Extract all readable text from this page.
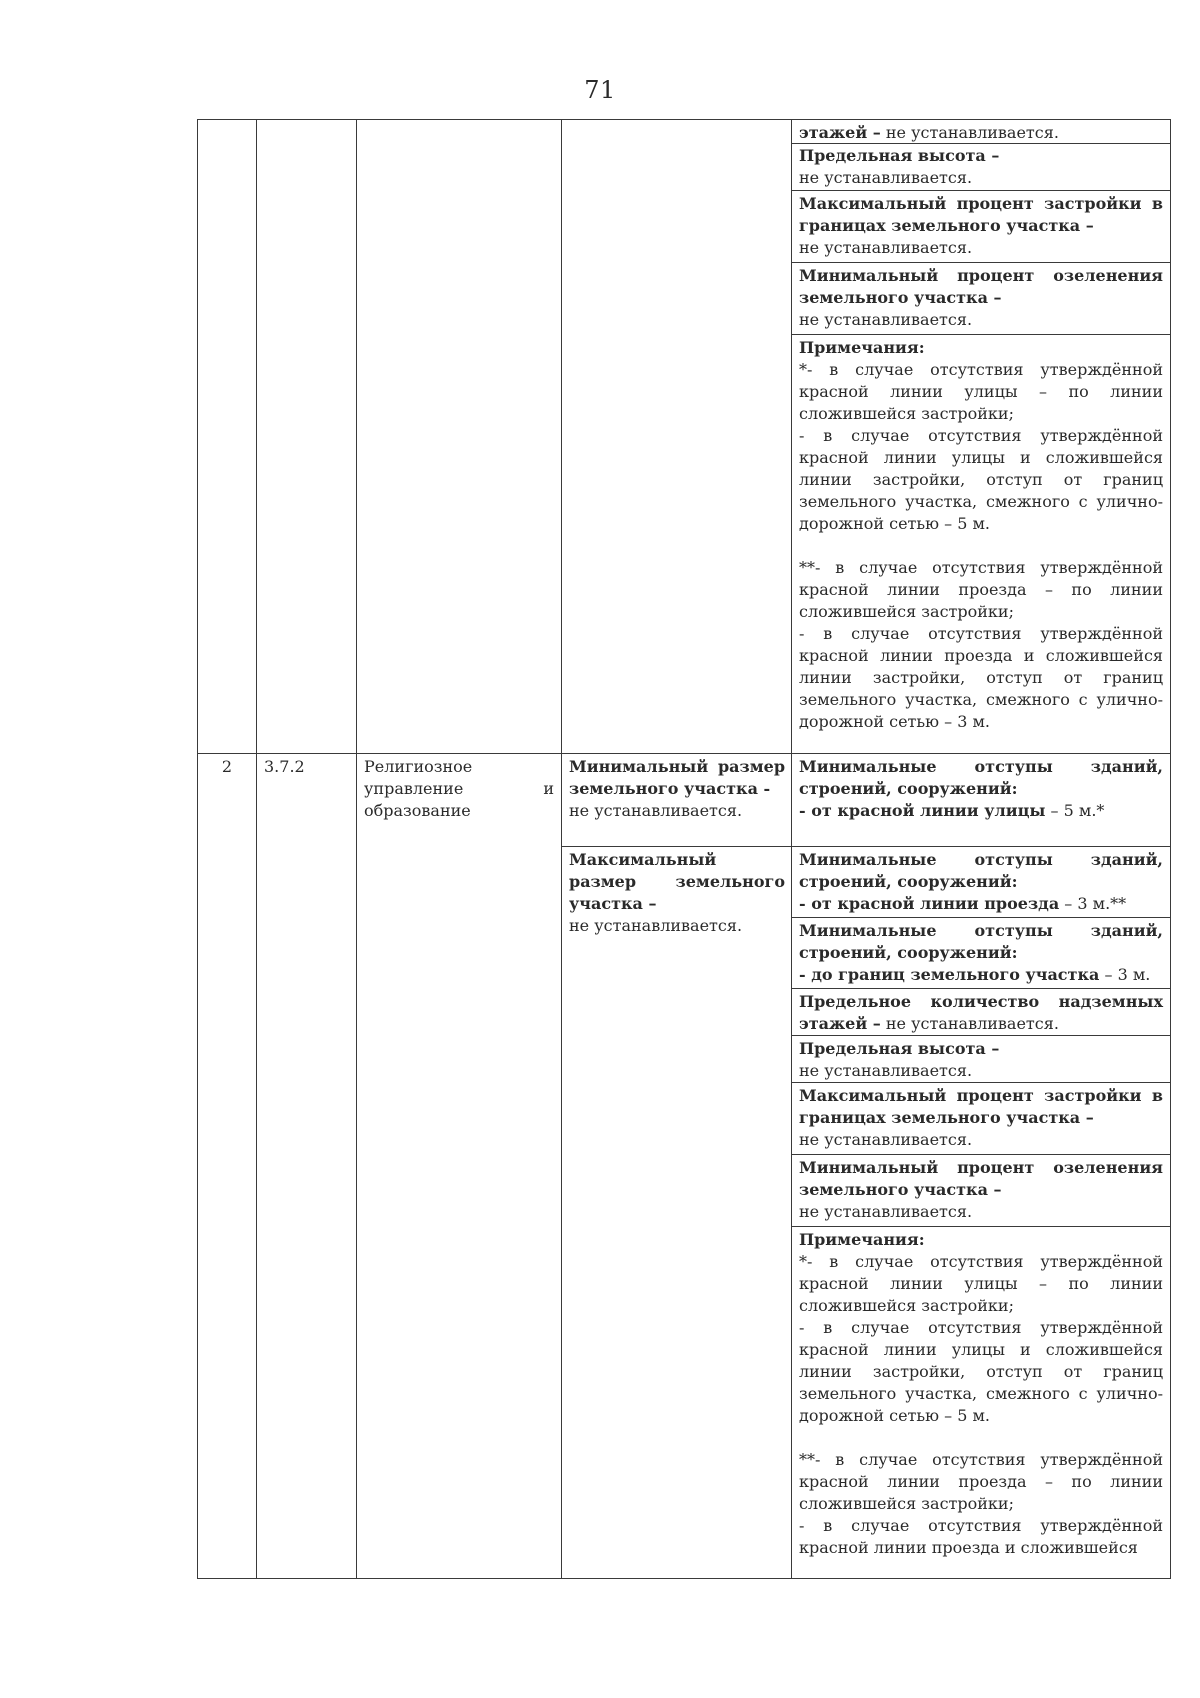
71

этажей – не устанавливается.

Предельная высота –

не устанавливается.

Максимальный процент застройки в границах земельного участка –

не устанавливается.

Минимальный процент озеленения земельного участка –

не устанавливается.

Примечания:

*- в случае отсутствия утверждённой красной линии улицы – по линии сложившейся застройки;

- в случае отсутствия утверждённой красной линии улицы и сложившейся линии застройки, отступ от границ земельного участка, смежного с улично-дорожной сетью – 5 м.

**- в случае отсутствия утверждённой красной линии проезда – по линии сложившейся застройки;

- в случае отсутствия утверждённой красной линии проезда и сложившейся линии застройки, отступ от границ земельного участка, смежного с улично-дорожной сетью – 3 м.

2	3.7.2	Религиозное управление и образование

Минимальный размер земельного участка -

не устанавливается.

Максимальный размер земельного участка –

не устанавливается.

Минимальные отступы зданий, строений, сооружений:

- от красной линии улицы – 5 м.*

Минимальные отступы зданий, строений, сооружений:

- от красной линии проезда – 3 м.**

Минимальные отступы зданий, строений, сооружений:

- до границ земельного участка – 3 м.

Предельное количество надземных этажей – не устанавливается.

Предельная высота –

не устанавливается.

Максимальный процент застройки в границах земельного участка –

не устанавливается.

Минимальный процент озеленения земельного участка –

не устанавливается.

Примечания:

*- в случае отсутствия утверждённой красной линии улицы – по линии сложившейся застройки;

- в случае отсутствия утверждённой красной линии улицы и сложившейся линии застройки, отступ от границ земельного участка, смежного с улично-дорожной сетью – 5 м.

**- в случае отсутствия утверждённой красной линии проезда – по линии сложившейся застройки;

- в случае отсутствия утверждённой красной линии проезда и сложившейся
